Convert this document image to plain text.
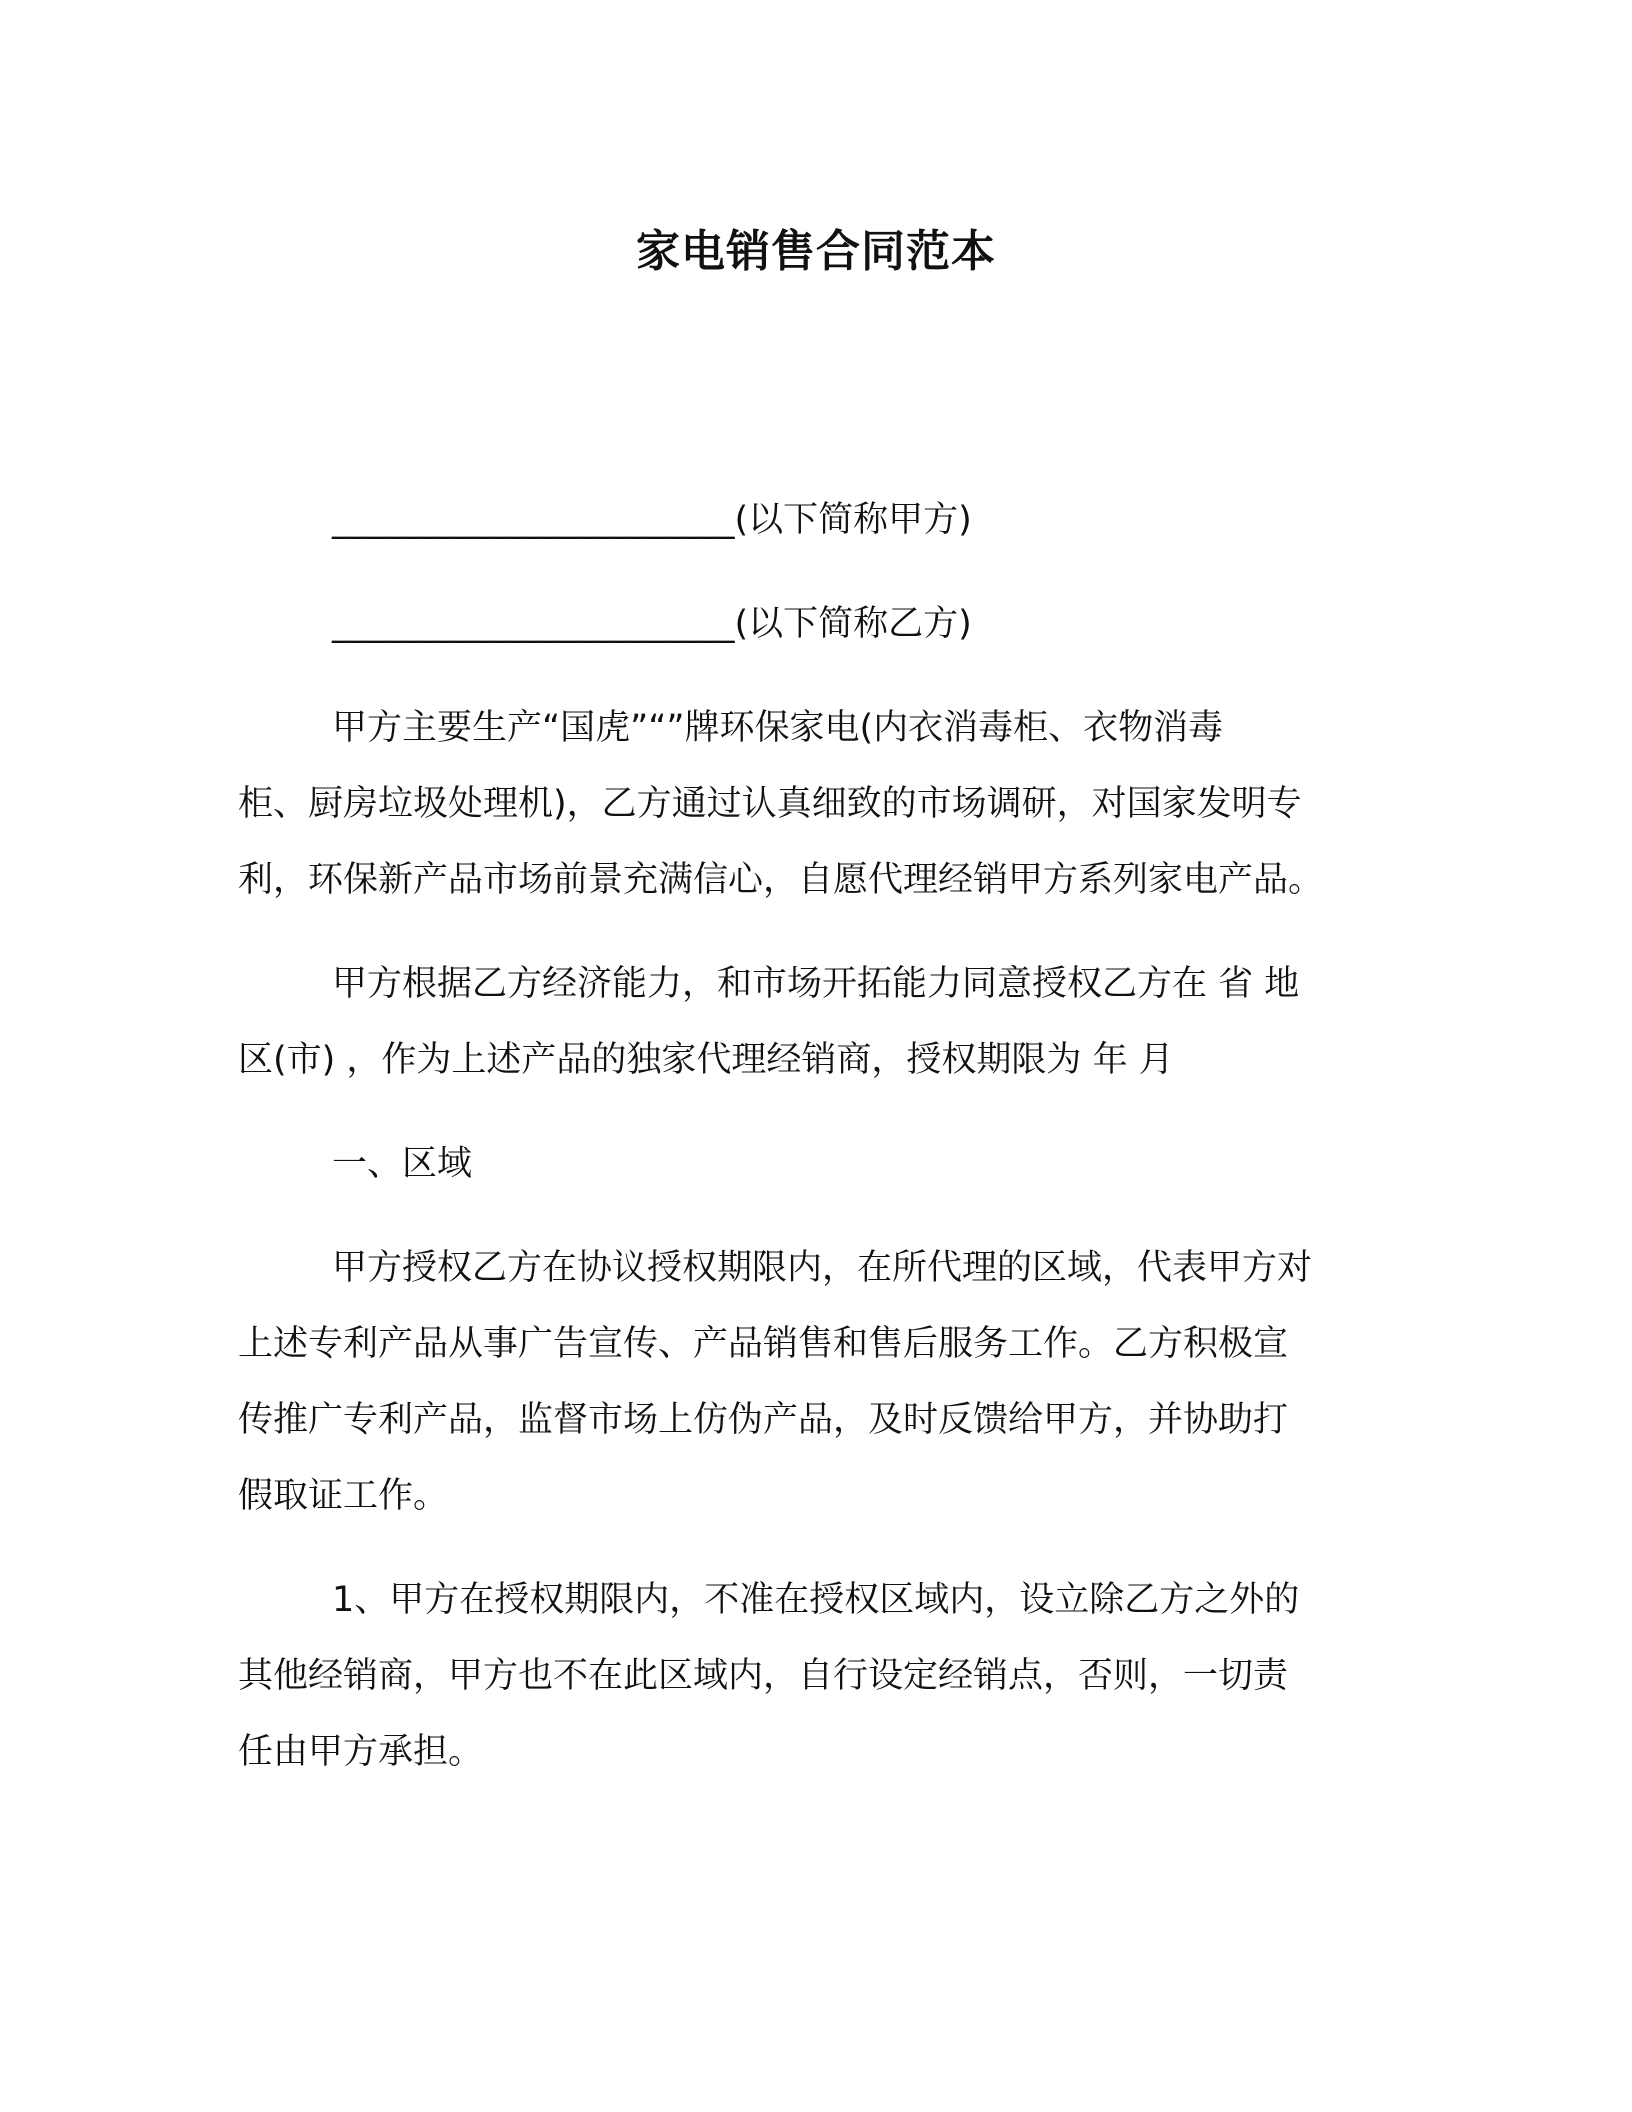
家电销售合同范本
_______________________(以下简称甲方)
_______________________(以下简称乙方)
甲方主要生产“国虎”“”牌环保家电(内衣消毒柜、衣物消毒
柜、厨房垃圾处理机)，乙方通过认真细致的市场调研，对国家发明专
利，环保新产品市场前景充满信心，自愿代理经销甲方系列家电产品。
甲方根据乙方经济能力，和市场开拓能力同意授权乙方在 省 地
区(市) ，作为上述产品的独家代理经销商，授权期限为 年 月
一、区域
甲方授权乙方在协议授权期限内，在所代理的区域，代表甲方对
上述专利产品从事广告宣传、产品销售和售后服务工作。乙方积极宣
传推广专利产品，监督市场上仿伪产品，及时反馈给甲方，并协助打
假取证工作。
1、甲方在授权期限内，不准在授权区域内，设立除乙方之外的
其他经销商，甲方也不在此区域内，自行设定经销点，否则，一切责
任由甲方承担。
